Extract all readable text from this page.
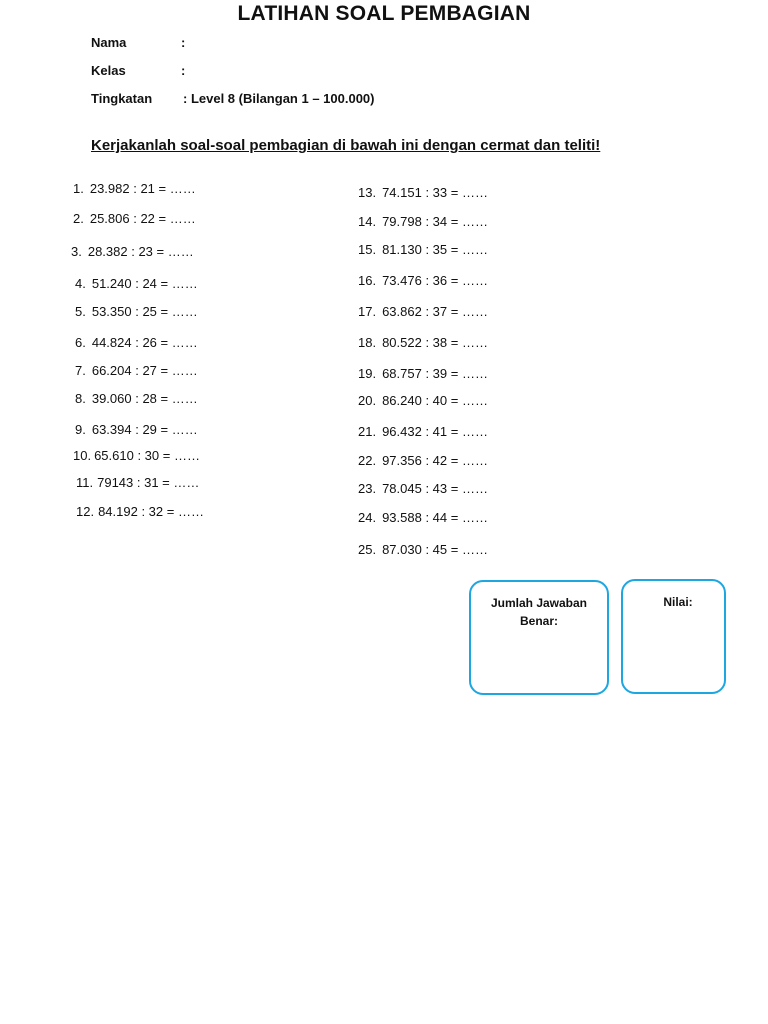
LATIHAN SOAL PEMBAGIAN
Nama	:
Kelas	:
Tingkatan : Level 8 (Bilangan 1 – 100.000)
Kerjakanlah soal-soal pembagian di bawah ini dengan cermat dan teliti!
1. 23.982 : 21 = ……
2. 25.806 : 22 = ……
3. 28.382 : 23 = ……
4. 51.240 : 24 = ……
5. 53.350 : 25 = ……
6. 44.824 : 26 = ……
7. 66.204 : 27 = ……
8. 39.060 : 28 = ……
9. 63.394 : 29 = ……
10. 65.610 : 30 = ……
11. 79143 : 31 = ……
12. 84.192 : 32 = ……
13. 74.151 : 33 = ……
14. 79.798 : 34 = ……
15. 81.130 : 35 = ……
16. 73.476 : 36 = ……
17. 63.862 : 37 = ……
18. 80.522 : 38 = ……
19. 68.757 : 39 = ……
20. 86.240 : 40 = ……
21. 96.432 : 41 = ……
22. 97.356 : 42 = ……
23. 78.045 : 43 = ……
24. 93.588 : 44 = ……
25. 87.030 : 45 = ……
Jumlah Jawaban Benar:
Nilai:
